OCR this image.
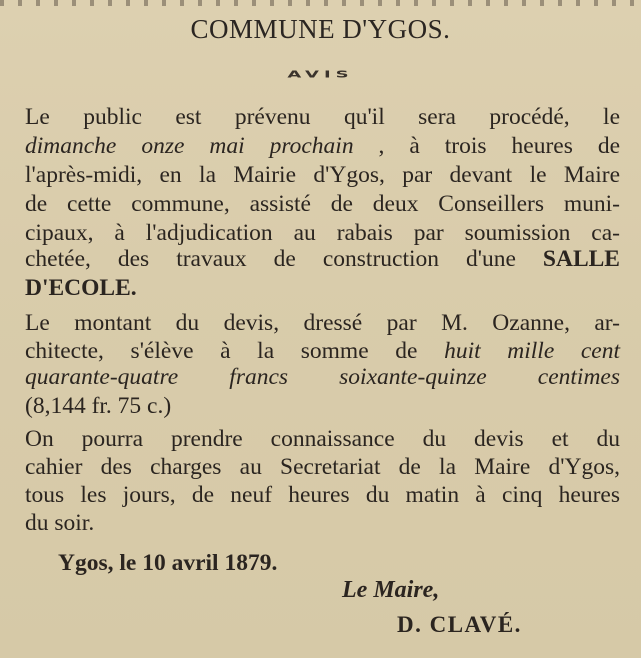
COMMUNE D'YGOS.
AVIS
Le public est prévenu qu'il sera procédé, le
dimanche onze mai prochain , à trois heures de
l'après-midi, en la Mairie d'Ygos, par devant le Maire
de cette commune, assisté de deux Conseillers muni-
cipaux, à l'adjudication au rabais par soumission ca-
chetée, des travaux de construction d'une SALLE
D'ECOLE.
Le montant du devis, dressé par M. Ozanne, ar-
chitecte, s'élève à la somme de huit mille cent
quarante-quatre francs soixante-quinze centimes
(8,144 fr. 75 c.)
On pourra prendre connaissance du devis et du
cahier des charges au Secretariat de la Maire d'Ygos,
tous les jours, de neuf heures du matin à cinq heures
du soir.
Ygos, le 10 avril 1879.
Le Maire,
D. CLAVÉ.
